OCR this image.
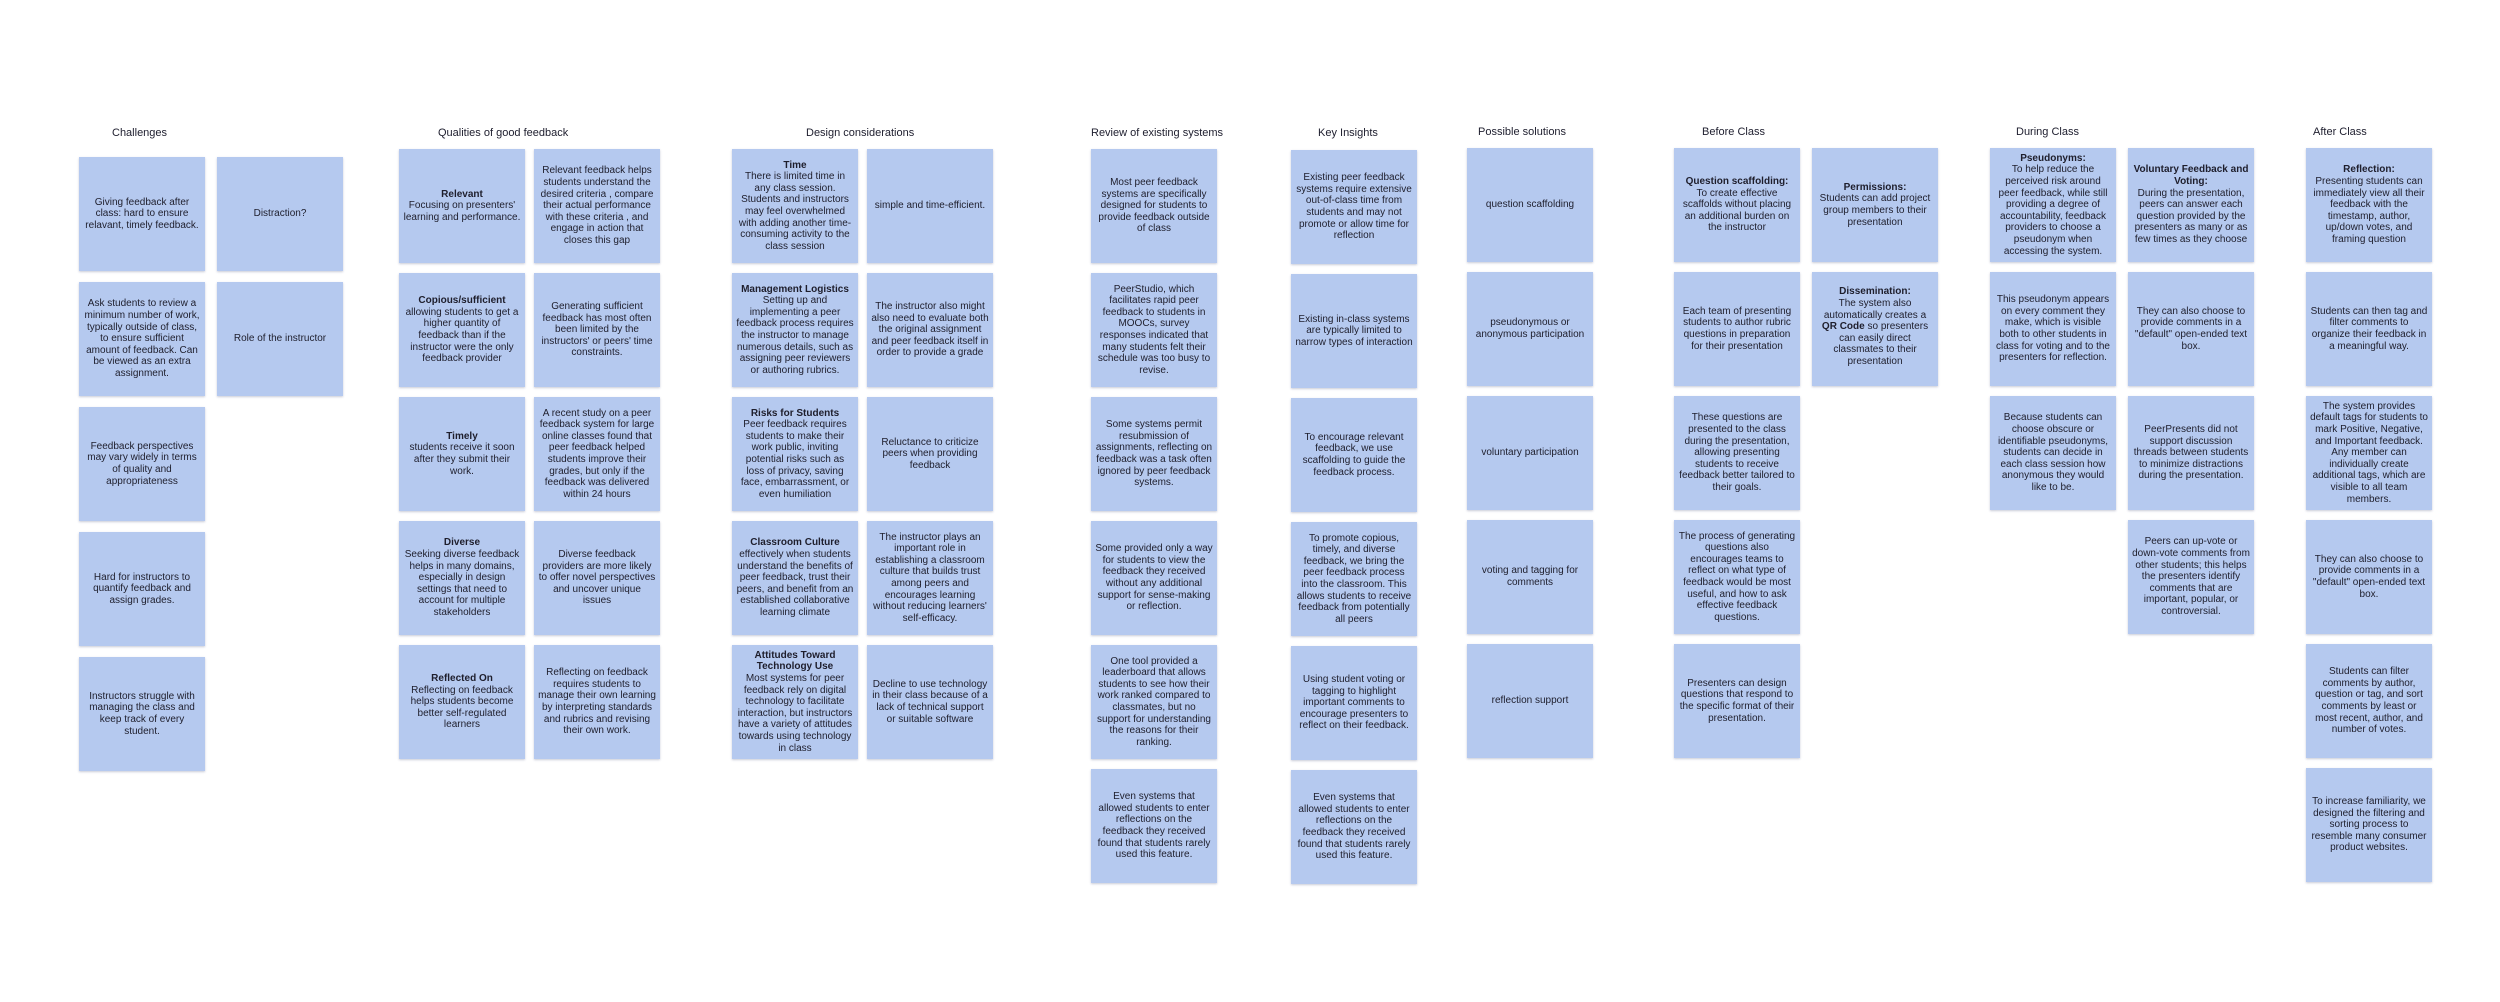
Challenges	Qualities of good feedback	Design considerations	Review of existing systems	Key Insights	Possible solutions	Before Class	During Class	After Class
Giving feedback after class: hard to ensure relavant, timely feedback.
Distraction?
Ask students to review a minimum number of work, typically outside of class, to ensure sufficient amount of feedback. Can be viewed as an extra assignment.
Role of the instructor
Feedback perspectives may vary widely in terms of quality and appropriateness
Hard for instructors to quantify feedback and assign grades.
Instructors struggle with managing the class and keep track of every student.
Relevant
Focusing on presenters' learning and performance.
Relevant feedback helps students understand the desired criteria , compare their actual performance with these criteria , and engage in action that closes this gap
Copious/sufficient
allowing students to get a higher quantity of feedback than if the instructor were the only feedback provider
Generating sufficient feedback has most often been limited by the instructors' or peers' time constraints.
Timely
students receive it soon after they submit their work.
A recent study on a peer feedback system for large online classes found that peer feedback helped students improve their grades, but only if the feedback was delivered within 24 hours
Diverse
Seeking diverse feedback helps in many domains, especially in design settings that need to account for multiple stakeholders
Diverse feedback providers are more likely to offer novel perspectives and uncover unique issues
Reflected On
Reflecting on feedback helps students become better self-regulated learners
Reflecting on feedback requires students to manage their own learning by interpreting standards and rubrics and revising their own work.
Time
There is limited time in any class session. Students and instructors may feel overwhelmed with adding another time-consuming activity to the class session
simple and time-efficient.
Management Logistics
Setting up and implementing a peer feedback process requires the instructor to manage numerous details, such as assigning peer reviewers or authoring rubrics.
The instructor also might also need to evaluate both the original assignment and peer feedback itself in order to provide a grade
Risks for Students
Peer feedback requires students to make their work public, inviting potential risks such as loss of privacy, saving face, embarrassment, or even humiliation
Reluctance to criticize peers when providing feedback
Classroom Culture
effectively when students understand the benefits of peer feedback, trust their peers, and benefit from an established collaborative learning climate
The instructor plays an important role in establishing a classroom culture that builds trust among peers and encourages learning without reducing learners' self-efficacy.
Attitudes Toward Technology Use
Most systems for peer feedback rely on digital technology to facilitate interaction, but instructors have a variety of attitudes towards using technology in class
Decline to use technology in their class because of a lack of technical support or suitable software
Most peer feedback systems are specifically designed for students to provide feedback outside of class
PeerStudio, which facilitates rapid peer feedback to students in MOOCs, survey responses indicated that many students felt their schedule was too busy to revise.
Some systems permit resubmission of assignments, reflecting on feedback was a task often ignored by peer feedback systems.
Some provided only a way for students to view the feedback they received without any additional support for sense-making or reflection.
One tool provided a leaderboard that allows students to see how their work ranked compared to classmates, but no support for understanding the reasons for their ranking.
Even systems that allowed students to enter reflections on the feedback they received found that students rarely used this feature.
Existing peer feedback systems require extensive out-of-class time from students and may not promote or allow time for reflection
Existing in-class systems are typically limited to narrow types of interaction
To encourage relevant feedback, we use scaffolding to guide the feedback process.
To promote copious, timely, and diverse feedback, we bring the peer feedback process into the classroom. This allows students to receive feedback from potentially all peers
Using student voting or tagging to highlight important comments to encourage presenters to reflect on their feedback.
Even systems that allowed students to enter reflections on the feedback they received found that students rarely used this feature.
question scaffolding
pseudonymous or anonymous participation
voluntary participation
voting and tagging for comments
reflection support
Question scaffolding:
To create effective scaffolds without placing an additional burden on the instructor
Permissions:
Students can add project group members to their presentation
Each team of presenting students to author rubric questions in preparation for their presentation

Dissemination:
The system also automatically creates a QR Code so presenters can easily direct classmates to their presentation

These questions are presented to the class during the presentation, allowing presenting students to receive feedback better tailored to their goals.
The process of generating questions also encourages teams to reflect on what type of feedback would be most useful, and how to ask effective feedback questions.
Presenters can design questions that respond to the specific format of their presentation.
Pseudonyms:
To help reduce the perceived risk around peer feedback, while still providing a degree of accountability, feedback providers to choose a pseudonym when accessing the system.
Voluntary Feedback and Voting:
During the presentation, peers can answer each question provided by the presenters as many or as few times as they choose
This pseudonym appears on every comment they make, which is visible both to other students in class for voting and to the presenters for reflection.
They can also choose to provide comments in a "default" open-ended text box.
Because students can choose obscure or identifiable pseudonyms, students can decide in each class session how anonymous they would like to be.
PeerPresents did not support discussion threads between students to minimize distractions during the presentation.
Peers can up-vote or down-vote comments from other students; this helps the presenters identify comments that are important, popular, or controversial.
Reflection:
Presenting students can immediately view all their feedback with the timestamp, author, up/down votes, and framing question
Students can then tag and filter comments to organize their feedback in a meaningful way.
The system provides default tags for students to mark Positive, Negative, and Important feedback. Any member can individually create additional tags, which are visible to all team members.
They can also choose to provide comments in a "default" open-ended text box.
Students can filter comments by author, question or tag, and sort comments by least or most recent, author, and number of votes.
To increase familiarity, we designed the filtering and sorting process to resemble many consumer product websites.
